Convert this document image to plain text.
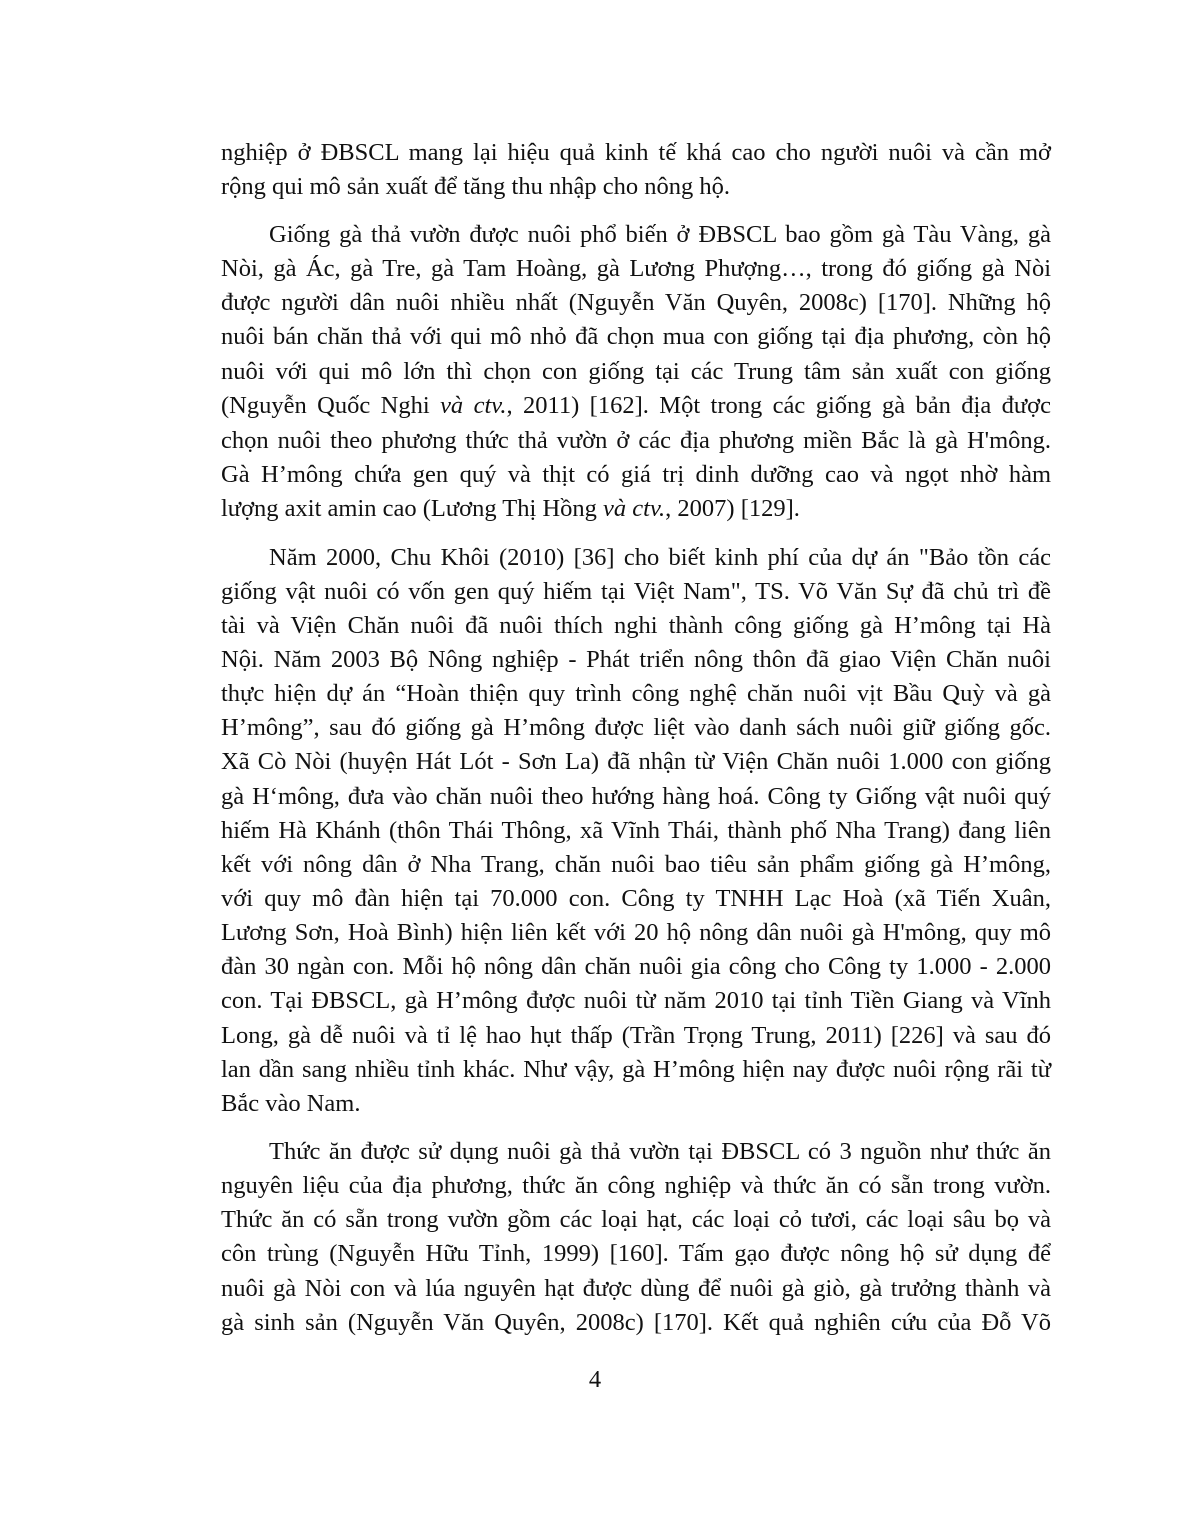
nghiệp ở ĐBSCL mang lại hiệu quả kinh tế khá cao cho người nuôi và cần mở
rộng qui mô sản xuất để tăng thu nhập cho nông hộ.
Giống gà thả vườn được nuôi phổ biến ở ĐBSCL bao gồm gà Tàu Vàng, gà
Nòi, gà Ác, gà Tre, gà Tam Hoàng, gà Lương Phượng…, trong đó giống gà Nòi
được người dân nuôi nhiều nhất (Nguyễn Văn Quyên, 2008c) [170]. Những hộ
nuôi bán chăn thả với qui mô nhỏ đã chọn mua con giống tại địa phương, còn hộ
nuôi với qui mô lớn thì chọn con giống tại các Trung tâm sản xuất con giống
(Nguyễn Quốc Nghi và ctv., 2011) [162]. Một trong các giống gà bản địa được
chọn nuôi theo phương thức thả vườn ở các địa phương miền Bắc là gà H'mông.
Gà H’mông chứa gen quý và thịt có giá trị dinh dưỡng cao và ngọt nhờ hàm
lượng axit amin cao (Lương Thị Hồng và ctv., 2007) [129].
Năm 2000, Chu Khôi (2010) [36] cho biết kinh phí của dự án "Bảo tồn các
giống vật nuôi có vốn gen quý hiếm tại Việt Nam", TS. Võ Văn Sự đã chủ trì đề
tài và Viện Chăn nuôi đã nuôi thích nghi thành công giống gà H’mông tại Hà
Nội. Năm 2003 Bộ Nông nghiệp - Phát triển nông thôn đã giao Viện Chăn nuôi
thực hiện dự án “Hoàn thiện quy trình công nghệ chăn nuôi vịt Bầu Quỳ và gà
H’mông”, sau đó giống gà H’mông được liệt vào danh sách nuôi giữ giống gốc.
Xã Cò Nòi (huyện Hát Lót - Sơn La) đã nhận từ Viện Chăn nuôi 1.000 con giống
gà H‘mông, đưa vào chăn nuôi theo hướng hàng hoá. Công ty Giống vật nuôi quý
hiếm Hà Khánh (thôn Thái Thông, xã Vĩnh Thái, thành phố Nha Trang) đang liên
kết với nông dân ở Nha Trang, chăn nuôi bao tiêu sản phẩm giống gà H’mông,
với quy mô đàn hiện tại 70.000 con. Công ty TNHH Lạc Hoà (xã Tiến Xuân,
Lương Sơn, Hoà Bình) hiện liên kết với 20 hộ nông dân nuôi gà H'mông, quy mô
đàn 30 ngàn con. Mỗi hộ nông dân chăn nuôi gia công cho Công ty 1.000 - 2.000
con. Tại ĐBSCL, gà H’mông được nuôi từ năm 2010 tại tỉnh Tiền Giang và Vĩnh
Long, gà dễ nuôi và tỉ lệ hao hụt thấp (Trần Trọng Trung, 2011) [226] và sau đó
lan dần sang nhiều tỉnh khác. Như vậy, gà H’mông hiện nay được nuôi rộng rãi từ
Bắc vào Nam.
Thức ăn được sử dụng nuôi gà thả vườn tại ĐBSCL có 3 nguồn như thức ăn
nguyên liệu của địa phương, thức ăn công nghiệp và thức ăn có sẵn trong vườn.
Thức ăn có sẵn trong vườn gồm các loại hạt, các loại cỏ tươi, các loại sâu bọ và
côn trùng (Nguyễn Hữu Tỉnh, 1999) [160]. Tấm gạo được nông hộ sử dụng để
nuôi gà Nòi con và lúa nguyên hạt được dùng để nuôi gà giò, gà trưởng thành và
gà sinh sản (Nguyễn Văn Quyên, 2008c) [170]. Kết quả nghiên cứu của Đỗ Võ
4
